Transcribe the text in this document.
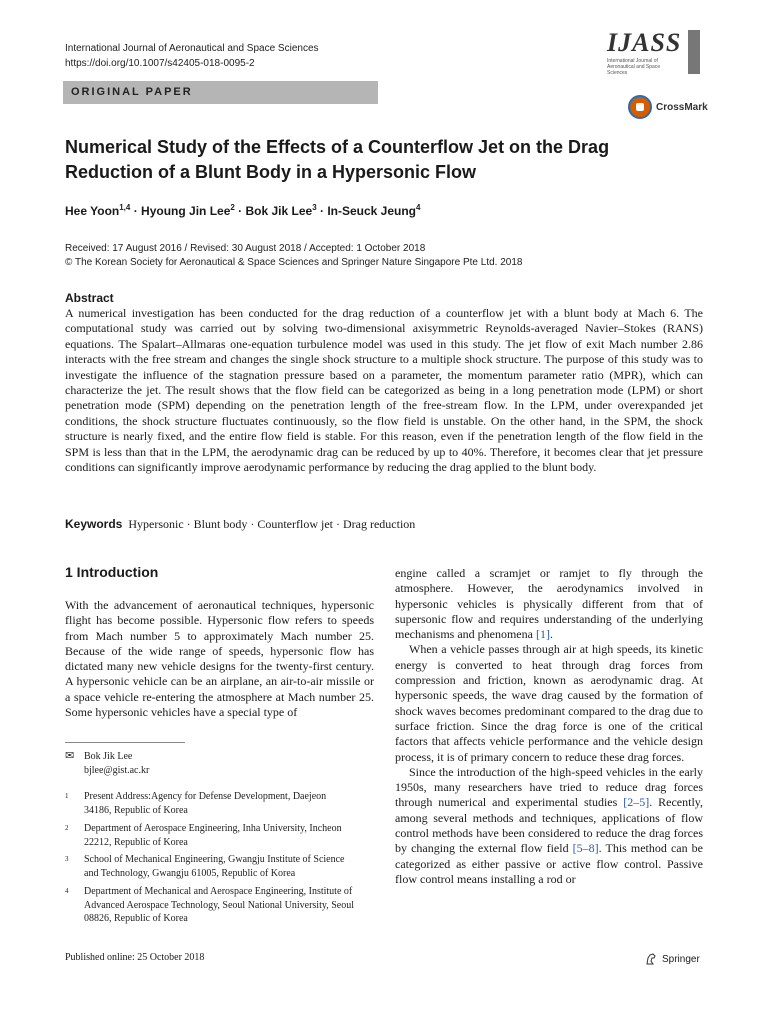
International Journal of Aeronautical and Space Sciences
https://doi.org/10.1007/s42405-018-0095-2
IJASS
International Journal of Aeronautical and Space Sciences
ORIGINAL PAPER
CrossMark
Numerical Study of the Effects of a Counterflow Jet on the Drag Reduction of a Blunt Body in a Hypersonic Flow
Hee Yoon$^{1,4}$ · Hyoung Jin Lee$^2$ · Bok Jik Lee$^3$ · In-Seuck Jeung$^4$
Received: 17 August 2016 / Revised: 30 August 2018 / Accepted: 1 October 2018
© The Korean Society for Aeronautical & Space Sciences and Springer Nature Singapore Pte Ltd. 2018
Abstract
A numerical investigation has been conducted for the drag reduction of a counterflow jet with a blunt body at Mach 6. The computational study was carried out by solving two-dimensional axisymmetric Reynolds-averaged Navier–Stokes (RANS) equations. The Spalart–Allmaras one-equation turbulence model was used in this study. The jet flow of exit Mach number 2.86 interacts with the free stream and changes the single shock structure to a multiple shock structure. The purpose of this study was to investigate the influence of the stagnation pressure based on a parameter, the momentum parameter ratio (MPR), which can characterize the jet. The result shows that the flow field can be categorized as being in a long penetration mode (LPM) or short penetration mode (SPM) depending on the penetration length of the free-stream flow. In the LPM, under overexpanded jet conditions, the shock structure fluctuates continuously, so the flow field is unstable. On the other hand, in the SPM, the shock structure is nearly fixed, and the entire flow field is stable. For this reason, even if the penetration length of the flow field in the SPM is less than that in the LPM, the aerodynamic drag can be reduced by up to 40%. Therefore, it becomes clear that jet pressure conditions can significantly improve aerodynamic performance by reducing the drag applied to the blunt body.
Keywords Hypersonic · Blunt body · Counterflow jet · Drag reduction
1 Introduction

With the advancement of aeronautical techniques, hypersonic flight has become possible. Hypersonic flow refers to speeds from Mach number 5 to approximately Mach number 25. Because of the wide range of speeds, hypersonic flow has dictated many new vehicle designs for the twenty-first century. A hypersonic vehicle can be an airplane, an air-to-air missile or a space vehicle re-entering the atmosphere at Mach number 25. Some hypersonic vehicles have a special type of

engine called a scramjet or ramjet to fly through the atmosphere. However, the aerodynamics involved in hypersonic vehicles is physically different from that of supersonic flow and requires understanding of the underlying mechanisms and phenomena [1].

When a vehicle passes through air at high speeds, its kinetic energy is converted to heat through drag forces from compression and friction, known as aerodynamic drag. At hypersonic speeds, the wave drag caused by the formation of shock waves becomes predominant compared to the drag due to surface friction. Since the drag force is one of the critical factors that affects vehicle performance and the vehicle design process, it is of primary concern to reduce these drag forces.

Since the introduction of the high-speed vehicles in the early 1950s, many researchers have tried to reduce drag forces through numerical and experimental studies [2–5]. Recently, among several methods and techniques, applications of flow control methods have been considered to reduce the drag forces by changing the external flow field [5–8]. This method can be categorized as either passive or active flow control. Passive flow control means installing a rod or

✉ Bok Jik Lee
bjlee@gist.ac.kr
1 Present Address:Agency for Defense Development, Daejeon 34186, Republic of Korea
2 Department of Aerospace Engineering, Inha University, Incheon 22212, Republic of Korea
3 School of Mechanical Engineering, Gwangju Institute of Science and Technology, Gwangju 61005, Republic of Korea
4 Department of Mechanical and Aerospace Engineering, Institute of Advanced Aerospace Technology, Seoul National University, Seoul 08826, Republic of Korea
Published online: 25 October 2018	Springer
